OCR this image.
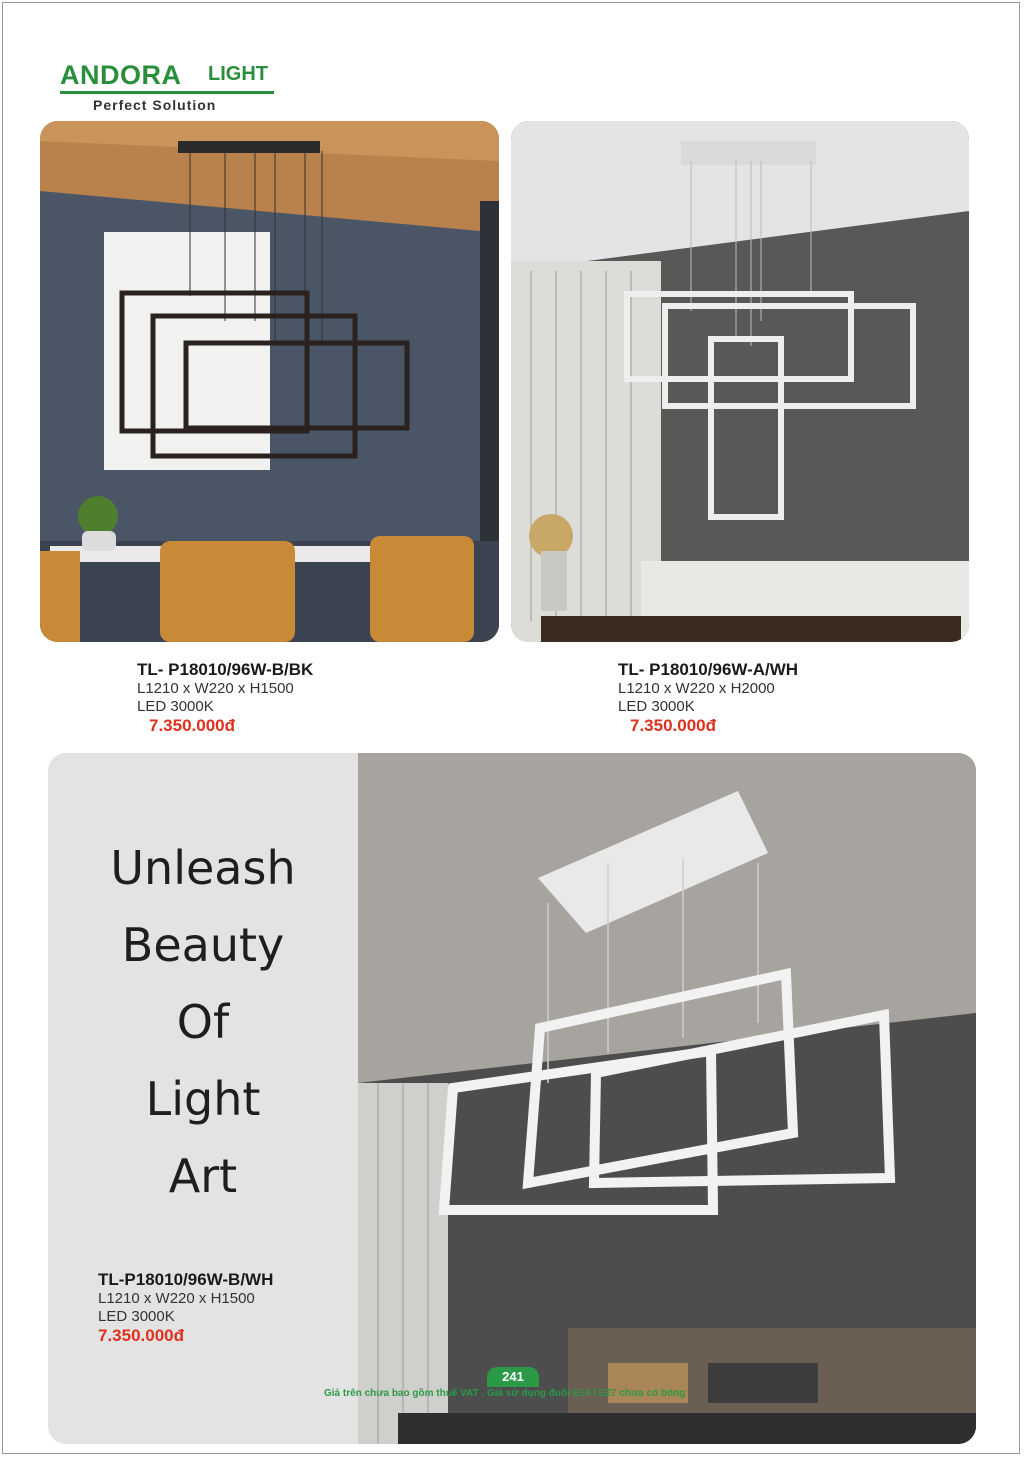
ANDORA LIGHT
Perfect Solution
TL- P18010/96W-B/BK
L1210 x W220 x H1500
LED 3000K
7.350.000đ
TL- P18010/96W-A/WH
L1210 x W220 x H2000
LED 3000K
7.350.000đ
Unleash
Beauty
Of
Light
Art
TL-P18010/96W-B/WH
L1210 x W220 x H1500
LED 3000K
7.350.000đ
241
Giá trên chưa bao gồm thuế VAT . Giá sử dụng đuôi E14 / E27 chưa có bóng
